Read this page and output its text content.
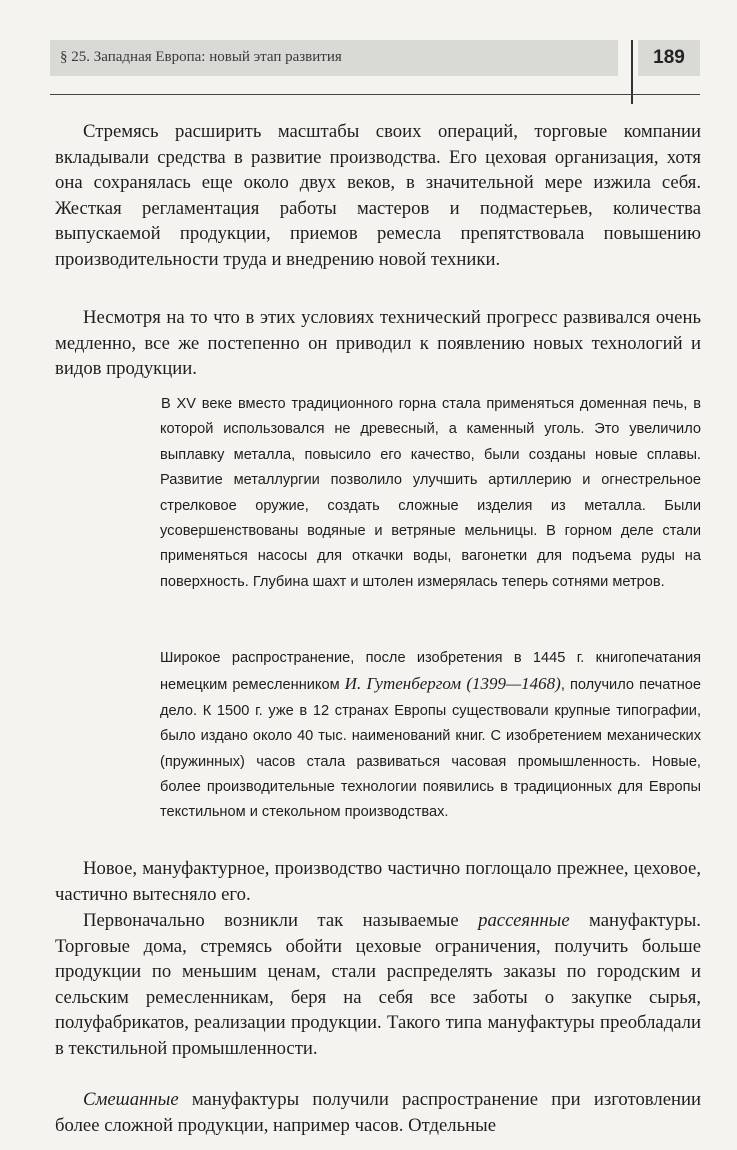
§ 25. Западная Европа: новый этап развития	189

Стремясь расширить масштабы своих операций, торговые компании вкладывали средства в развитие производства. Его цеховая организация, хотя она сохранялась еще около двух веков, в значительной мере изжила себя. Жесткая регламентация работы мастеров и подмастерьев, количества выпускаемой продукции, приемов ремесла препятствовала повышению производительности труда и внедрению новой техники.

Несмотря на то что в этих условиях технический прогресс развивался очень медленно, все же постепенно он приводил к появлению новых технологий и видов продукции.

В XV веке вместо традиционного горна стала применяться доменная печь, в которой использовался не древесный, а каменный уголь. Это увеличило выплавку металла, повысило его качество, были созданы новые сплавы. Развитие металлургии позволило улучшить артиллерию и огнестрельное стрелковое оружие, создать сложные изделия из металла. Были усовершенствованы водяные и ветряные мельницы. В горном деле стали применяться насосы для откачки воды, вагонетки для подъема руды на поверхность. Глубина шахт и штолен измерялась теперь сотнями метров.

Широкое распространение, после изобретения в 1445 г. книгопечатания немецким ремесленником И. Гутенбергом (1399—1468), получило печатное дело. К 1500 г. уже в 12 странах Европы существовали крупные типографии, было издано около 40 тыс. наименований книг. С изобретением механических (пружинных) часов стала развиваться часовая промышленность. Новые, более производительные технологии появились в традиционных для Европы текстильном и стекольном производствах.

Новое, мануфактурное, производство частично поглощало прежнее, цеховое, частично вытесняло его.

Первоначально возникли так называемые рассеянные мануфактуры. Торговые дома, стремясь обойти цеховые ограничения, получить больше продукции по меньшим ценам, стали распределять заказы по городским и сельским ремесленникам, беря на себя все заботы о закупке сырья, полуфабрикатов, реализации продукции. Такого типа мануфактуры преобладали в текстильной промышленности.

Смешанные мануфактуры получили распространение при изготовлении более сложной продукции, например часов. Отдельные
